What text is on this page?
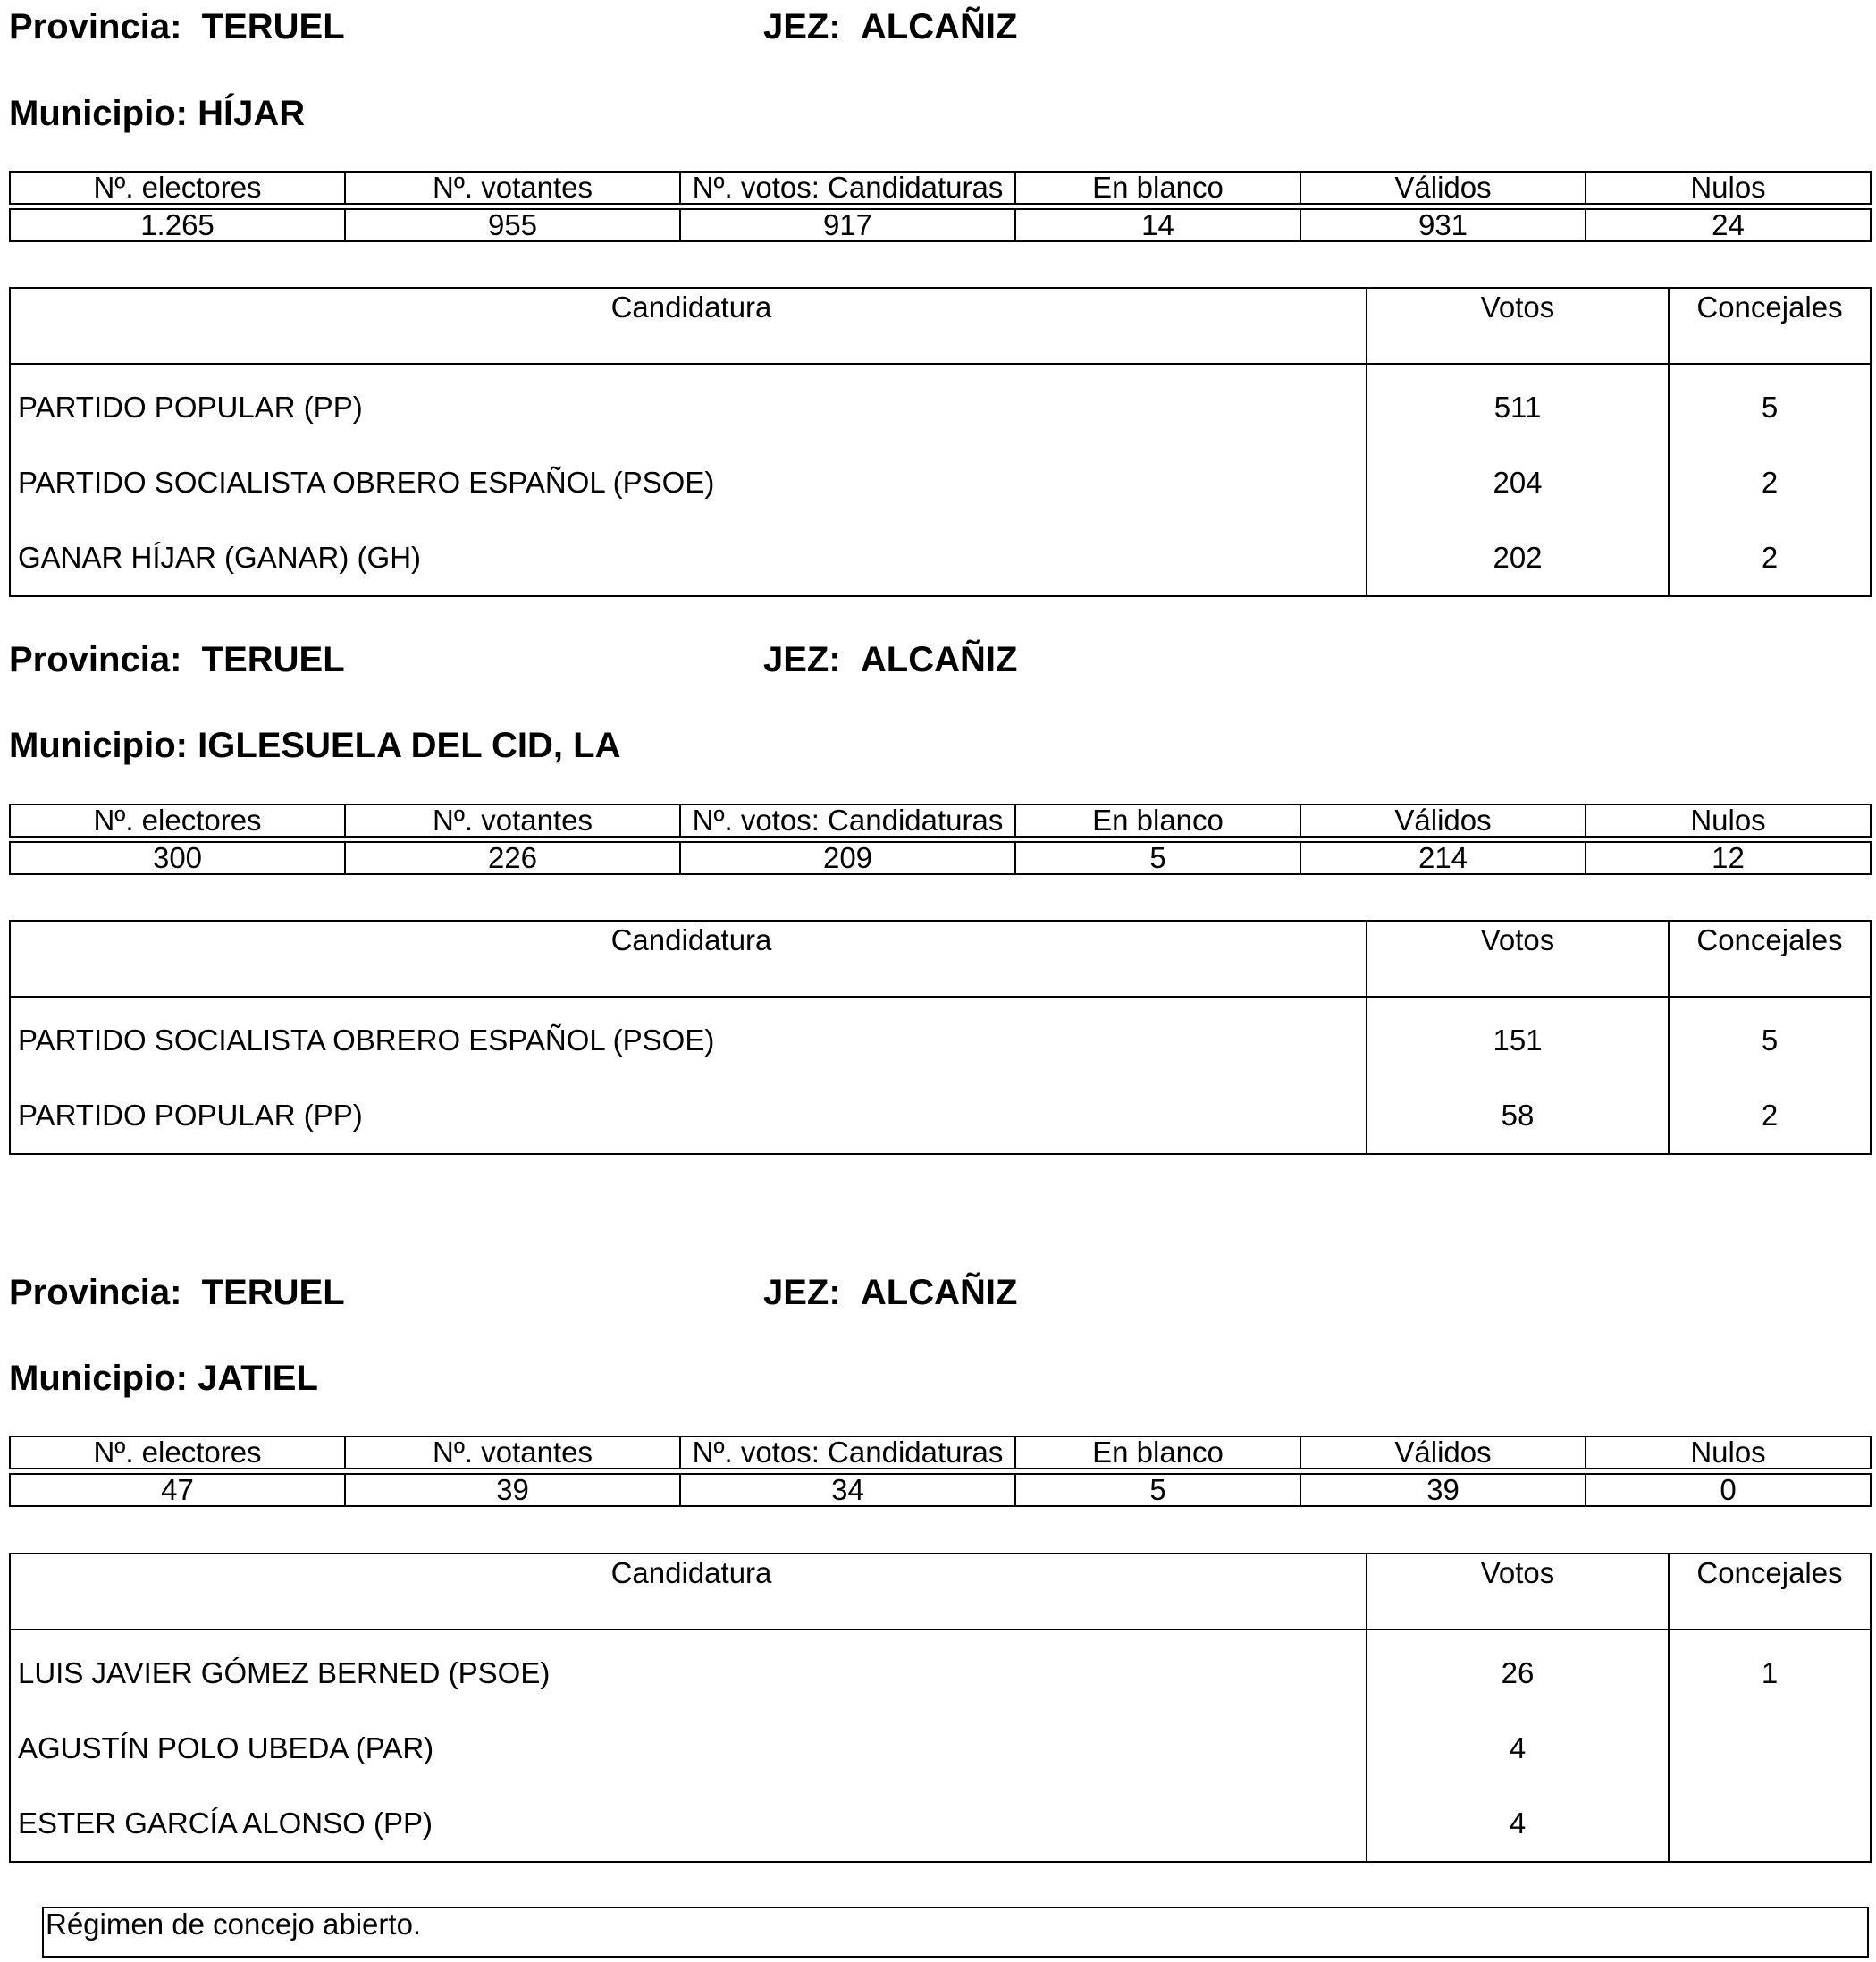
Provincia: TERUEL	JEZ: ALCAÑIZ
Municipio: HÍJAR
Nº. electores	Nº. votantes	Nº. votos: Candidaturas	En blanco	Válidos	Nulos

1.265	955	917	14	931	24
Candidatura	Votos	Concejales
PARTIDO POPULAR (PP)	511	5
PARTIDO SOCIALISTA OBRERO ESPAÑOL (PSOE)	204	2
GANAR HÍJAR (GANAR) (GH)	202	2
Provincia: TERUEL	JEZ: ALCAÑIZ
Municipio: IGLESUELA DEL CID, LA
Nº. electores	Nº. votantes	Nº. votos: Candidaturas	En blanco	Válidos	Nulos

300	226	209	5	214	12
Candidatura	Votos	Concejales
PARTIDO SOCIALISTA OBRERO ESPAÑOL (PSOE)	151	5
PARTIDO POPULAR (PP)	58	2
Provincia: TERUEL	JEZ: ALCAÑIZ
Municipio: JATIEL
Nº. electores	Nº. votantes	Nº. votos: Candidaturas	En blanco	Válidos	Nulos

47	39	34	5	39	0
Candidatura	Votos	Concejales
LUIS JAVIER GÓMEZ BERNED (PSOE)	26	1
AGUSTÍN POLO UBEDA (PAR)	4	
ESTER GARCÍA ALONSO (PP)	4	
Régimen de concejo abierto.
